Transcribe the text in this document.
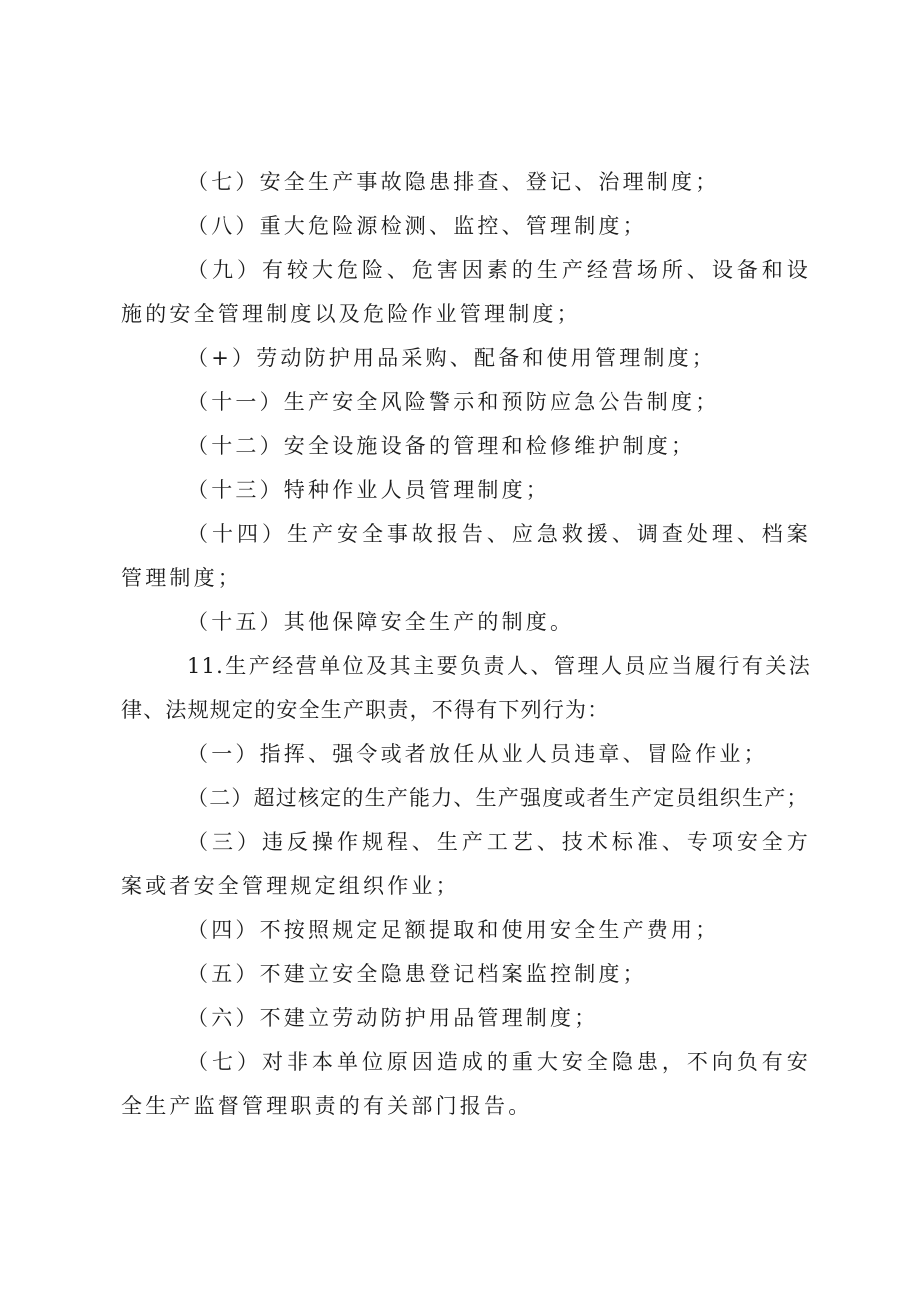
（七）安全生产事故隐患排查、登记、治理制度；

（八）重大危险源检测、监控、管理制度；

（九）有较大危险、危害因素的生产经营场所、设备和设施的安全管理制度以及危险作业管理制度；

（+）劳动防护用品采购、配备和使用管理制度；

（十一）生产安全风险警示和预防应急公告制度；

（十二）安全设施设备的管理和检修维护制度；

（十三）特种作业人员管理制度；

（十四）生产安全事故报告、应急救援、调查处理、档案管理制度；

（十五）其他保障安全生产的制度。

11.生产经营单位及其主要负责人、管理人员应当履行有关法律、法规规定的安全生产职责，不得有下列行为：

（一）指挥、强令或者放任从业人员违章、冒险作业；

（二）超过核定的生产能力、生产强度或者生产定员组织生产；

（三）违反操作规程、生产工艺、技术标准、专项安全方案或者安全管理规定组织作业；

（四）不按照规定足额提取和使用安全生产费用；

（五）不建立安全隐患登记档案监控制度；

（六）不建立劳动防护用品管理制度；

（七）对非本单位原因造成的重大安全隐患，不向负有安全生产监督管理职责的有关部门报告。
